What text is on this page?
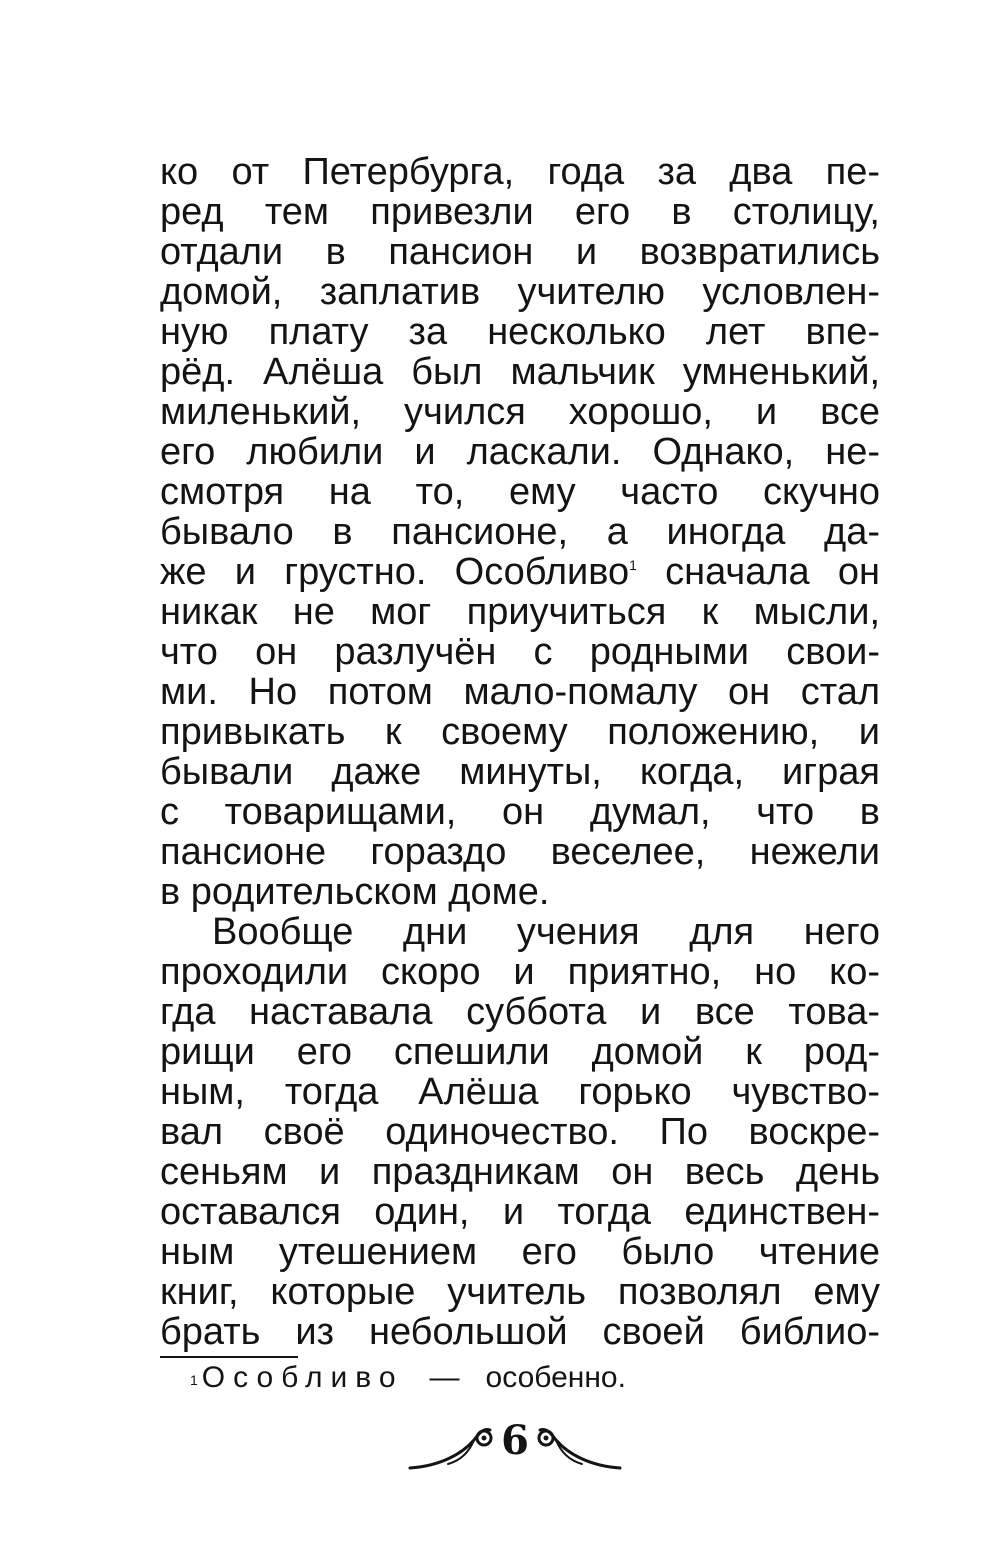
ко от Петербурга, года за два пе-
ред тем привезли его в столицу,
отдали в пансион и возвратились
домой, заплатив учителю условлен-
ную плату за несколько лет впе-
рёд. Алёша был мальчик умненький,
миленький, учился хорошо, и все
его любили и ласкали. Однако, не-
смотря на то, ему часто скучно
бывало в пансионе, а иногда да-
же и грустно. Особливо$^1$ сначала он
никак не мог приучиться к мысли,
что он разлучён с родными свои-
ми. Но потом мало-помалу он стал
привыкать к своему положению, и
бывали даже минуты, когда, играя
с товарищами, он думал, что в
пансионе гораздо веселее, нежели
в родительском доме.
Вообще дни учения для него
проходили скоро и приятно, но ко-
гда наставала суббота и все това-
рищи его спешили домой к род-
ным, тогда Алёша горько чувство-
вал своё одиночество. По воскре-
сеньям и праздникам он весь день
оставался один, и тогда единствен-
ным утешением его было чтение
книг, которые учитель позволял ему
брать из небольшой своей библио-
$^1$ Особливо — особенно.
6
